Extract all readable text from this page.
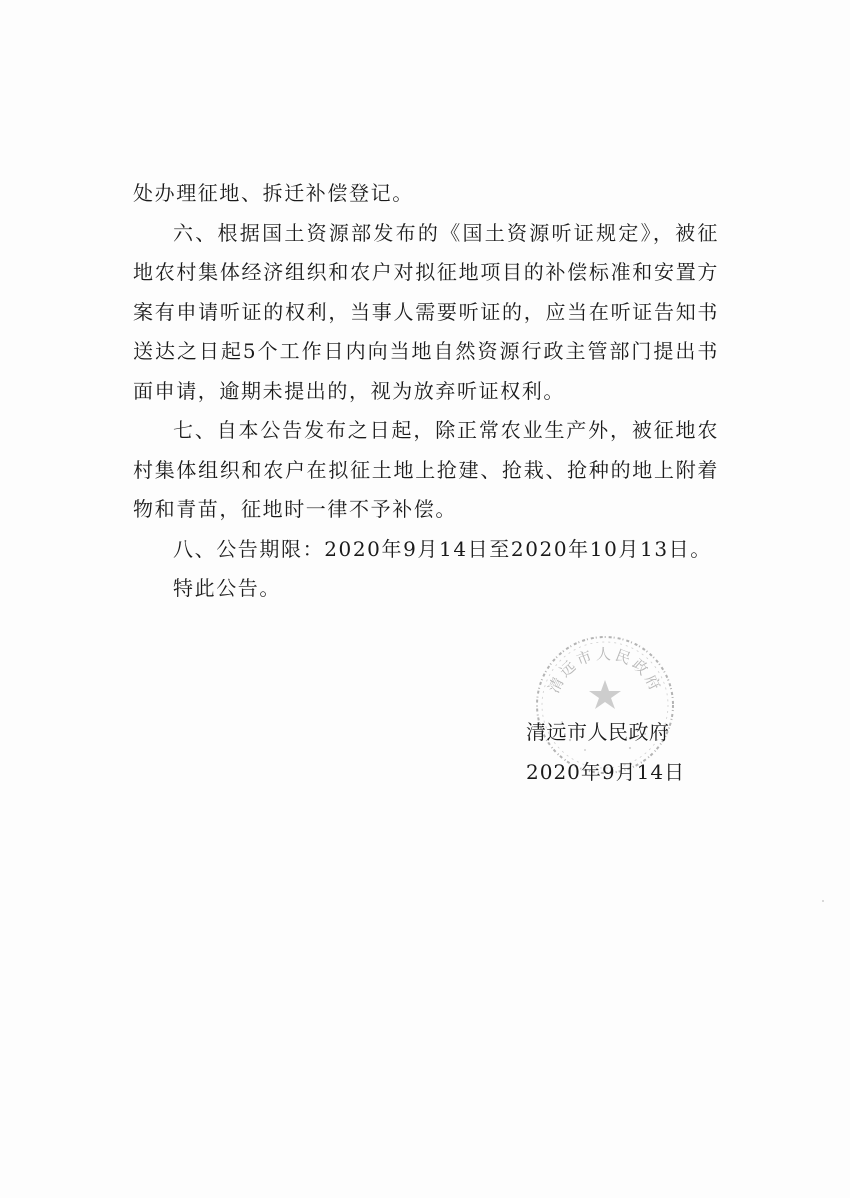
处办理征地、拆迁补偿登记。

六、根据国土资源部发布的《国土资源听证规定》，被征地农村集体经济组织和农户对拟征地项目的补偿标准和安置方案有申请听证的权利，当事人需要听证的，应当在听证告知书送达之日起5个工作日内向当地自然资源行政主管部门提出书面申请，逾期未提出的，视为放弃听证权利。

七、自本公告发布之日起，除正常农业生产外，被征地农村集体组织和农户在拟征土地上抢建、抢栽、抢种的地上附着物和青苗，征地时一律不予补偿。

八、公告期限：2020年9月14日至2020年10月13日。

特此公告。

清远市人民政府
清远市人民政府
2020年9月14日
